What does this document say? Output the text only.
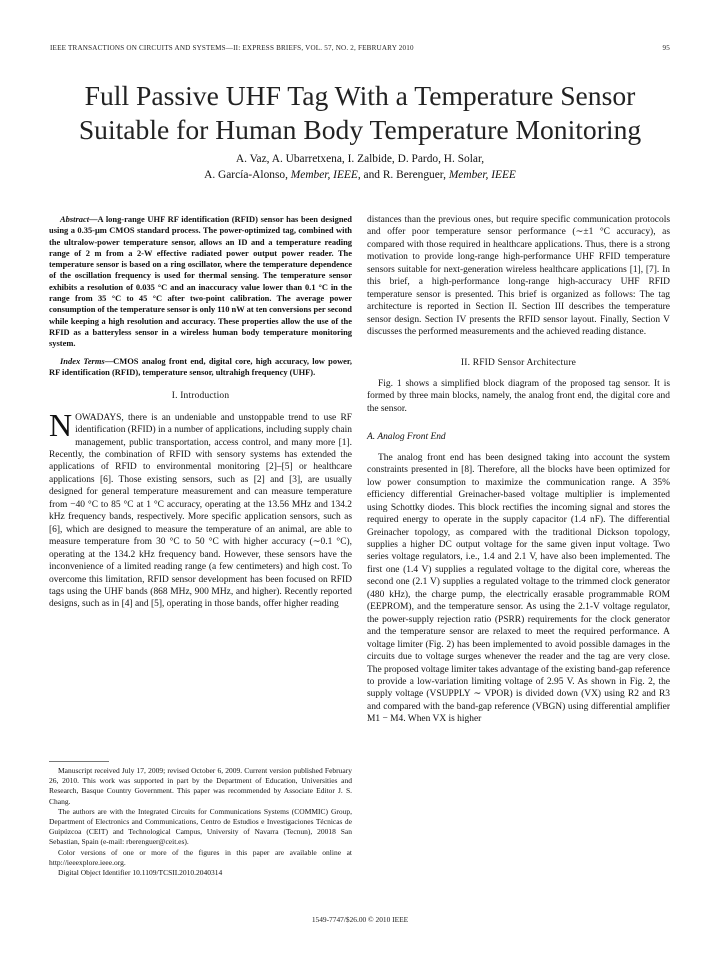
IEEE TRANSACTIONS ON CIRCUITS AND SYSTEMS—II: EXPRESS BRIEFS, VOL. 57, NO. 2, FEBRUARY 2010	95
Full Passive UHF Tag With a Temperature Sensor
Suitable for Human Body Temperature Monitoring
A. Vaz, A. Ubarretxena, I. Zalbide, D. Pardo, H. Solar,
A. García-Alonso, Member, IEEE, and R. Berenguer, Member, IEEE

Abstract—A long-range UHF RF identification (RFID) sensor has been designed using a 0.35-μm CMOS standard process. The power-optimized tag, combined with the ultralow-power temperature sensor, allows an ID and a temperature reading range of 2 m from a 2-W effective radiated power output power reader. The temperature sensor is based on a ring oscillator, where the temperature dependence of the oscillation frequency is used for thermal sensing. The temperature sensor exhibits a resolution of 0.035 °C and an inaccuracy value lower than 0.1 °C in the range from 35 °C to 45 °C after two-point calibration. The average power consumption of the temperature sensor is only 110 nW at ten conversions per second while keeping a high resolution and accuracy. These properties allow the use of the RFID as a batteryless sensor in a wireless human body temperature monitoring system.

Index Terms—CMOS analog front end, digital core, high accuracy, low power, RF identification (RFID), temperature sensor, ultrahigh frequency (UHF).

I. Introduction

NOWADAYS, there is an undeniable and unstoppable trend to use RF identification (RFID) in a number of applications, including supply chain management, public transportation, access control, and many more [1]. Recently, the combination of RFID with sensory systems has extended the applications of RFID to environmental monitoring [2]–[5] or healthcare applications [6]. Those existing sensors, such as [2] and [3], are usually designed for general temperature measurement and can measure temperature from −40 °C to 85 °C at 1 °C accuracy, operating at the 13.56 MHz and 134.2 kHz frequency bands, respectively. More specific application sensors, such as [6], which are designed to measure the temperature of an animal, are able to measure temperature from 30 °C to 50 °C with higher accuracy (∼0.1 °C), operating at the 134.2 kHz frequency band. However, these sensors have the inconvenience of a limited reading range (a few centimeters) and high cost. To overcome this limitation, RFID sensor development has been focused on RFID tags using the UHF bands (868 MHz, 900 MHz, and higher). Recently reported designs, such as in [4] and [5], operating in those bands, offer higher reading

Manuscript received July 17, 2009; revised October 6, 2009. Current version published February 26, 2010. This work was supported in part by the Department of Education, Universities and Research, Basque Country Government. This paper was recommended by Associate Editor J. S. Chang.

The authors are with the Integrated Circuits for Communications Systems (COMMIC) Group, Department of Electronics and Communications, Centro de Estudios e Investigaciones Técnicas de Guipúzcoa (CEIT) and Technological Campus, University of Navarra (Tecnun), 20018 San Sebastian, Spain (e-mail: rberenguer@ceit.es).

Color versions of one or more of the figures in this paper are available online at http://ieeexplore.ieee.org.

Digital Object Identifier 10.1109/TCSII.2010.2040314

distances than the previous ones, but require specific communication protocols and offer poor temperature sensor performance (∼±1 °C accuracy), as compared with those required in healthcare applications. Thus, there is a strong motivation to provide long-range high-performance UHF RFID temperature sensors suitable for next-generation wireless healthcare applications [1], [7]. In this brief, a high-performance long-range high-accuracy UHF RFID temperature sensor is presented. This brief is organized as follows: The tag architecture is reported in Section II. Section III describes the temperature sensor design. Section IV presents the RFID sensor layout. Finally, Section V discusses the performed measurements and the achieved reading distance.

II. RFID Sensor Architecture

Fig. 1 shows a simplified block diagram of the proposed tag sensor. It is formed by three main blocks, namely, the analog front end, the digital core and the sensor.

A. Analog Front End

The analog front end has been designed taking into account the system constraints presented in [8]. Therefore, all the blocks have been optimized for low power consumption to maximize the communication range. A 35% efficiency differential Greinacher-based voltage multiplier is implemented using Schottky diodes. This block rectifies the incoming signal and stores the required energy to operate in the supply capacitor (1.4 nF). The differential Greinacher topology, as compared with the traditional Dickson topology, supplies a higher DC output voltage for the same given input voltage. Two series voltage regulators, i.e., 1.4 and 2.1 V, have also been implemented. The first one (1.4 V) supplies a regulated voltage to the digital core, whereas the second one (2.1 V) supplies a regulated voltage to the trimmed clock generator (480 kHz), the charge pump, the electrically erasable programmable ROM (EEPROM), and the temperature sensor. As using the 2.1-V voltage regulator, the power-supply rejection ratio (PSRR) requirements for the clock generator and the temperature sensor are relaxed to meet the required performance. A voltage limiter (Fig. 2) has been implemented to avoid possible damages in the circuits due to voltage surges whenever the reader and the tag are very close. The proposed voltage limiter takes advantage of the existing band-gap reference to provide a low-variation limiting voltage of 2.95 V. As shown in Fig. 2, the supply voltage (VSUPPLY ∼ VPOR) is divided down (VX) using R2 and R3 and compared with the band-gap reference (VBGN) using differential amplifier M1 − M4. When VX is higher

1549-7747/$26.00 © 2010 IEEE
